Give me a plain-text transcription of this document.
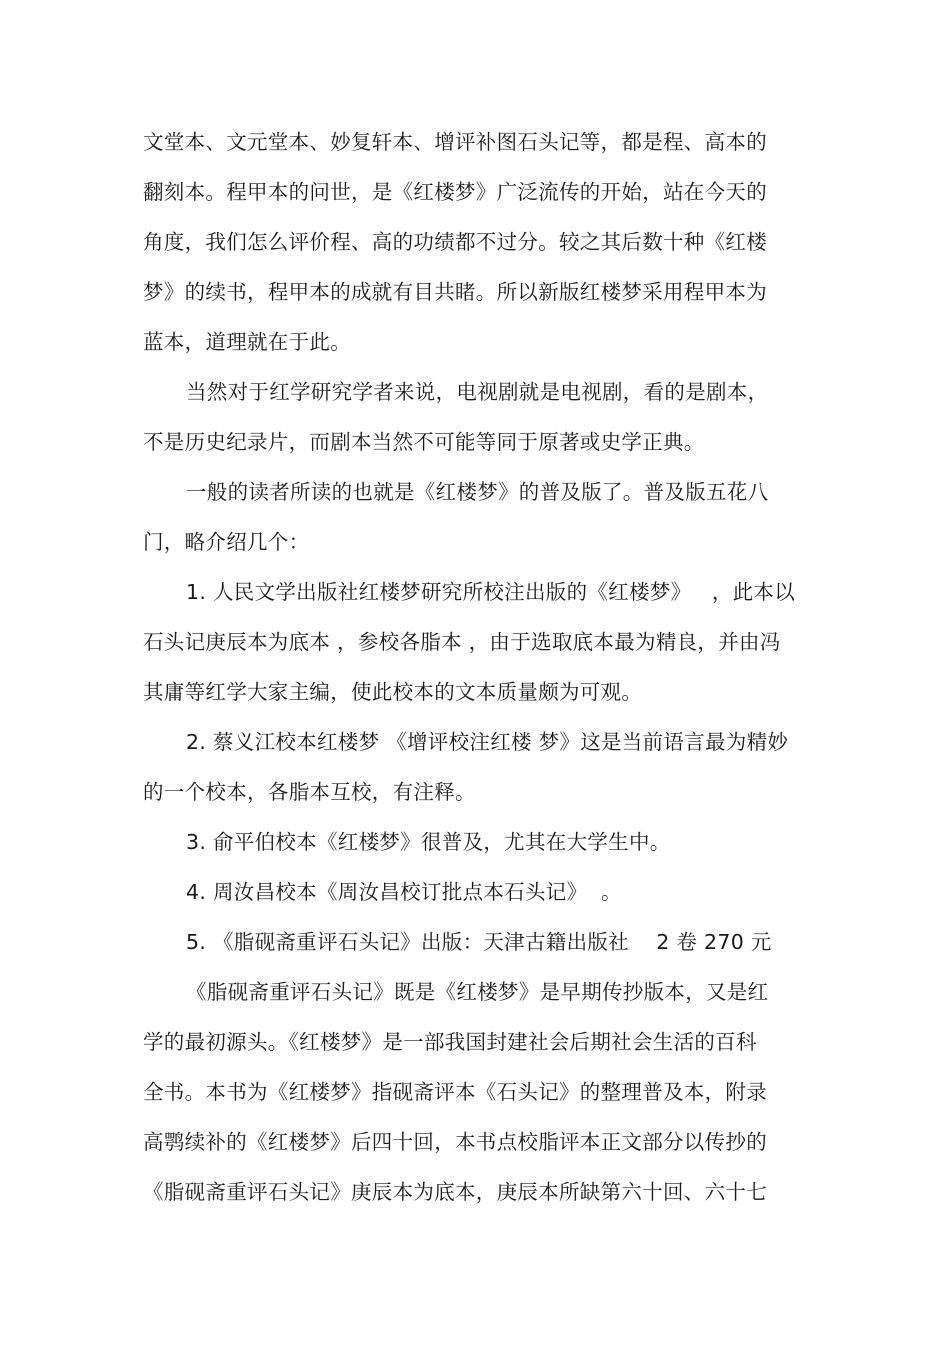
文堂本、文元堂本、妙复轩本、增评补图石头记等，都是程、高本的
翻刻本。程甲本的问世，是《红楼梦》广泛流传的开始，站在今天的
角度，我们怎么评价程、高的功绩都不过分。较之其后数十种《红楼
梦》的续书，程甲本的成就有目共睹。所以新版红楼梦采用程甲本为
蓝本，道理就在于此。
当然对于红学研究学者来说，电视剧就是电视剧，看的是剧本，
不是历史纪录片，而剧本当然不可能等同于原著或史学正典。
一般的读者所读的也就是《红楼梦》的普及版了。普及版五花八
门，略介绍几个：
1. 人民文学出版社红楼梦研究所校注出版的《红楼梦》   ，此本以
石头记庚辰本为底本 ，参校各脂本 ，由于选取底本最为精良，并由冯
其庸等红学大家主编，使此校本的文本质量颇为可观。
2. 蔡义江校本红楼梦 《增评校注红楼 梦》这是当前语言最为精妙
的一个校本，各脂本互校，有注释。
3. 俞平伯校本《红楼梦》很普及，尤其在大学生中。
4. 周汝昌校本《周汝昌校订批点本石头记》  。
5. 《脂砚斋重评石头记》出版：天津古籍出版社    2 卷 270 元
《脂砚斋重评石头记》既是《红楼梦》是早期传抄版本，又是红
学的最初源头。《红楼梦》是一部我国封建社会后期社会生活的百科
全书。本书为《红楼梦》指砚斋评本《石头记》的整理普及本，附录
高鹗续补的《红楼梦》后四十回，本书点校脂评本正文部分以传抄的
《脂砚斋重评石头记》庚辰本为底本，庚辰本所缺第六十回、六十七
